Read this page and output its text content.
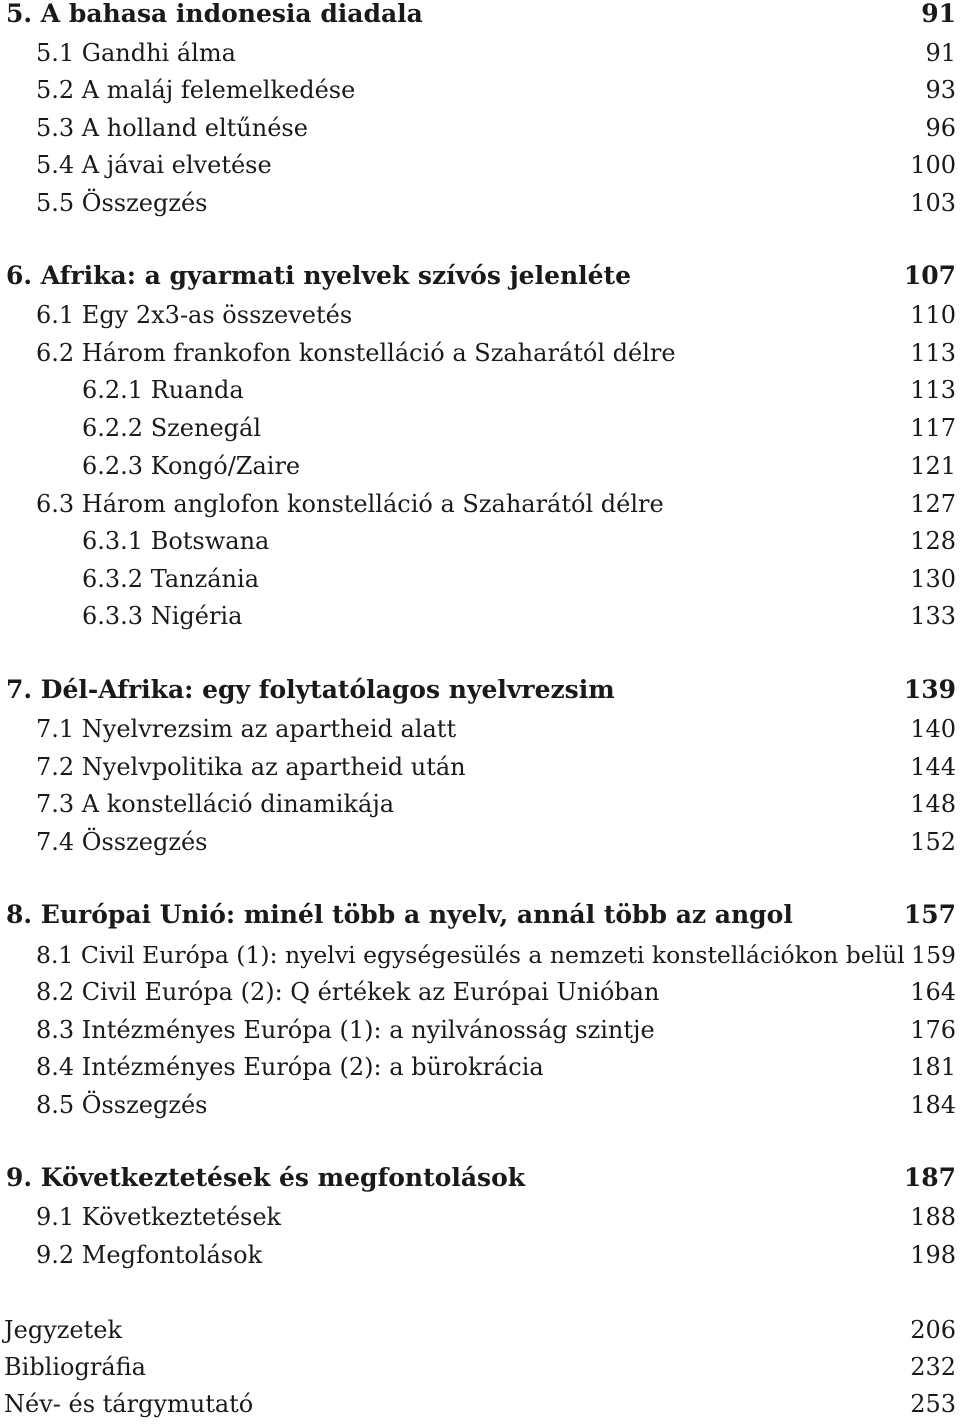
5. A bahasa indonesia diadala	91
5.1 Gandhi álma	91
5.2 A maláj felemelkedése	93
5.3 A holland eltűnése	96
5.4 A jávai elvetése	100
5.5 Összegzés	103
6. Afrika: a gyarmati nyelvek szívós jelenléte	107
6.1 Egy 2x3-as összevetés	110
6.2 Három frankofon konstelláció a Szaharától délre	113
6.2.1 Ruanda	113
6.2.2 Szenegál	117
6.2.3 Kongó/Zaire	121
6.3 Három anglofon konstelláció a Szaharától délre	127
6.3.1 Botswana	128
6.3.2 Tanzánia	130
6.3.3 Nigéria	133
7. Dél-Afrika: egy folytatólagos nyelvrezsim	139
7.1 Nyelvrezsim az apartheid alatt	140
7.2 Nyelvpolitika az apartheid után	144
7.3 A konstelláció dinamikája	148
7.4 Összegzés	152
8. Európai Unió: minél több a nyelv, annál több az angol	157
8.1 Civil Európa (1): nyelvi egységesülés a nemzeti konstellációkon belül 159
8.2 Civil Európa (2): Q értékek az Európai Unióban	164
8.3 Intézményes Európa (1): a nyilvánosság szintje	176
8.4 Intézményes Európa (2): a bürokrácia	181
8.5 Összegzés	184
9. Következtetések és megfontolások	187
9.1 Következtetések	188
9.2 Megfontolások	198
Jegyzetek	206
Bibliográfia	232
Név- és tárgymutató	253
